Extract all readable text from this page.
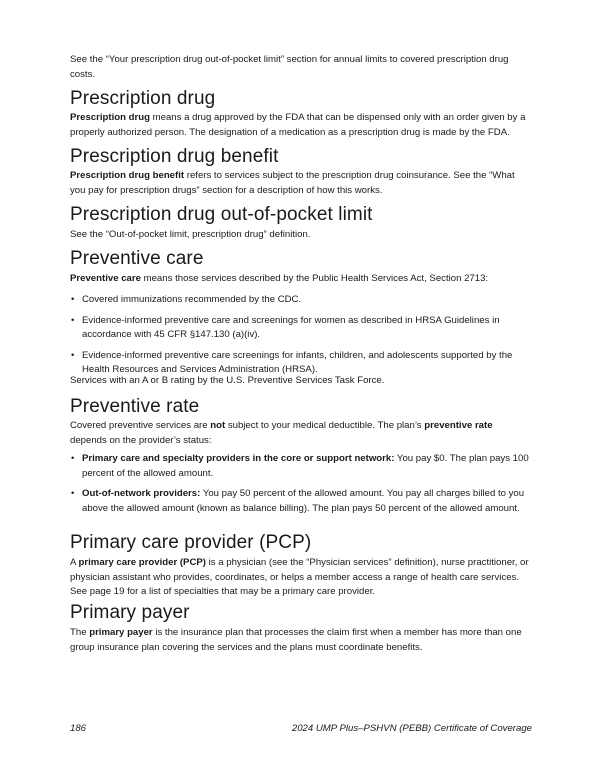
See the “Your prescription drug out-of-pocket limit” section for annual limits to covered prescription drug costs.

Prescription drug

Prescription drug means a drug approved by the FDA that can be dispensed only with an order given by a properly authorized person. The designation of a medication as a prescription drug is made by the FDA.

Prescription drug benefit

Prescription drug benefit refers to services subject to the prescription drug coinsurance. See the “What you pay for prescription drugs” section for a description of how this works.

Prescription drug out-of-pocket limit

See the “Out-of-pocket limit, prescription drug” definition.

Preventive care

Preventive care means those services described by the Public Health Services Act, Section 2713:

• Covered immunizations recommended by the CDC.
• Evidence-informed preventive care and screenings for women as described in HRSA Guidelines in accordance with 45 CFR §147.130 (a)(iv).
• Evidence-informed preventive care screenings for infants, children, and adolescents supported by the Health Resources and Services Administration (HRSA).

Services with an A or B rating by the U.S. Preventive Services Task Force.

Preventive rate

Covered preventive services are not subject to your medical deductible. The plan’s preventive rate depends on the provider’s status:

• Primary care and specialty providers in the core or support network: You pay $0. The plan pays 100 percent of the allowed amount.
• Out-of-network providers: You pay 50 percent of the allowed amount. You pay all charges billed to you above the allowed amount (known as balance billing). The plan pays 50 percent of the allowed amount.
Primary care provider (PCP)

A primary care provider (PCP) is a physician (see the “Physician services” definition), nurse practitioner, or physician assistant who provides, coordinates, or helps a member access a range of health care services. See page 19 for a list of specialties that may be a primary care provider.

Primary payer

The primary payer is the insurance plan that processes the claim first when a member has more than one group insurance plan covering the services and the plans must coordinate benefits.

186	2024 UMP Plus–PSHVN (PEBB) Certificate of Coverage
